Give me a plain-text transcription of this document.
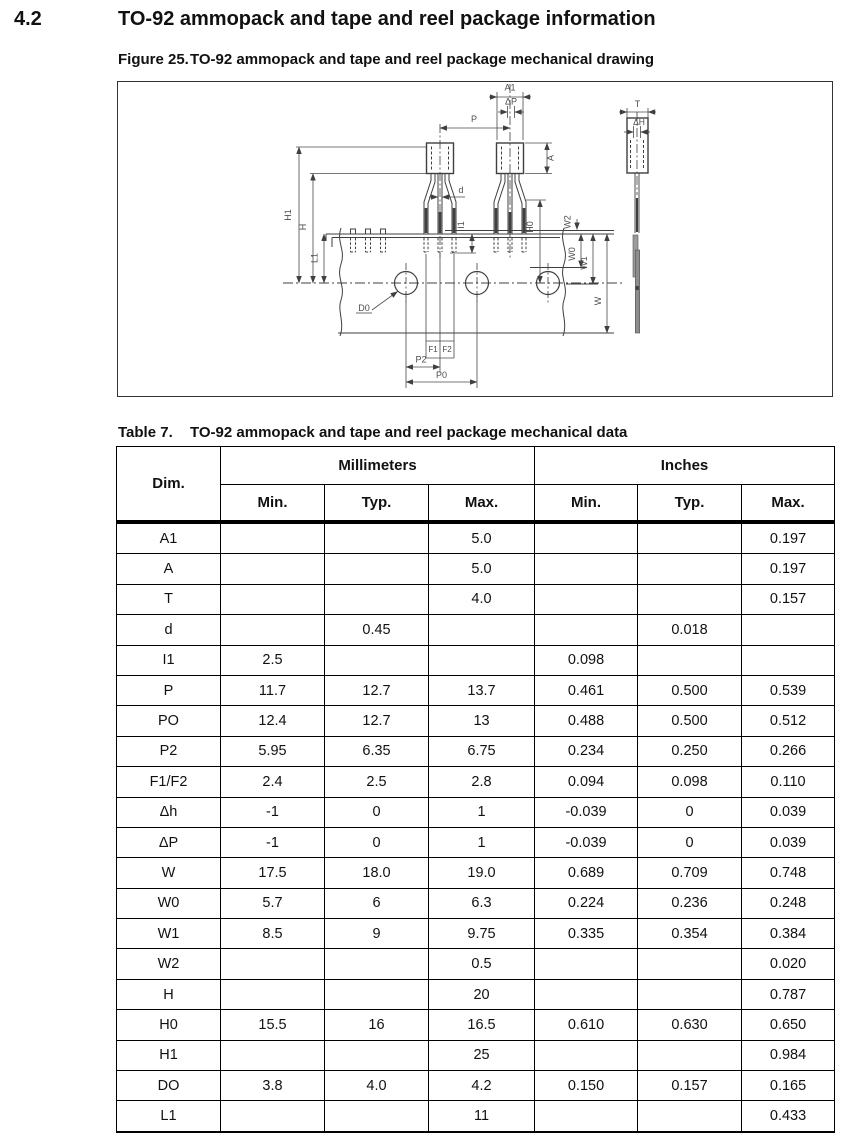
4.2	TO-92 ammopack and tape and reel package information
Figure 25. TO-92 ammopack and tape and reel package mechanical drawing
A1
ΔP
P
T
ΔH
d
D0
F1 F2
P2
P0
H1
H
L1
I1	H0	W2
W0
W1
W
A
Table 7.	TO-92 ammopack and tape and reel package mechanical data
Dim.	Millimeters			Inches		
	Min.	Typ.	Max.	Min.	Typ.	Max.
A1			5.0			0.197
A			5.0			0.197
T			4.0			0.157
d		0.45			0.018	
I1	2.5			0.098		
P	11.7	12.7	13.7	0.461	0.500	0.539
PO	12.4	12.7	13	0.488	0.500	0.512
P2	5.95	6.35	6.75	0.234	0.250	0.266
F1/F2	2.4	2.5	2.8	0.094	0.098	0.110
Δh	-1	0	1	-0.039	0	0.039
ΔP	-1	0	1	-0.039	0	0.039
W	17.5	18.0	19.0	0.689	0.709	0.748
W0	5.7	6	6.3	0.224	0.236	0.248
W1	8.5	9	9.75	0.335	0.354	0.384
W2			0.5			0.020
H			20			0.787
H0	15.5	16	16.5	0.610	0.630	0.650
H1			25			0.984
DO	3.8	4.0	4.2	0.150	0.157	0.165
L1			11			0.433
